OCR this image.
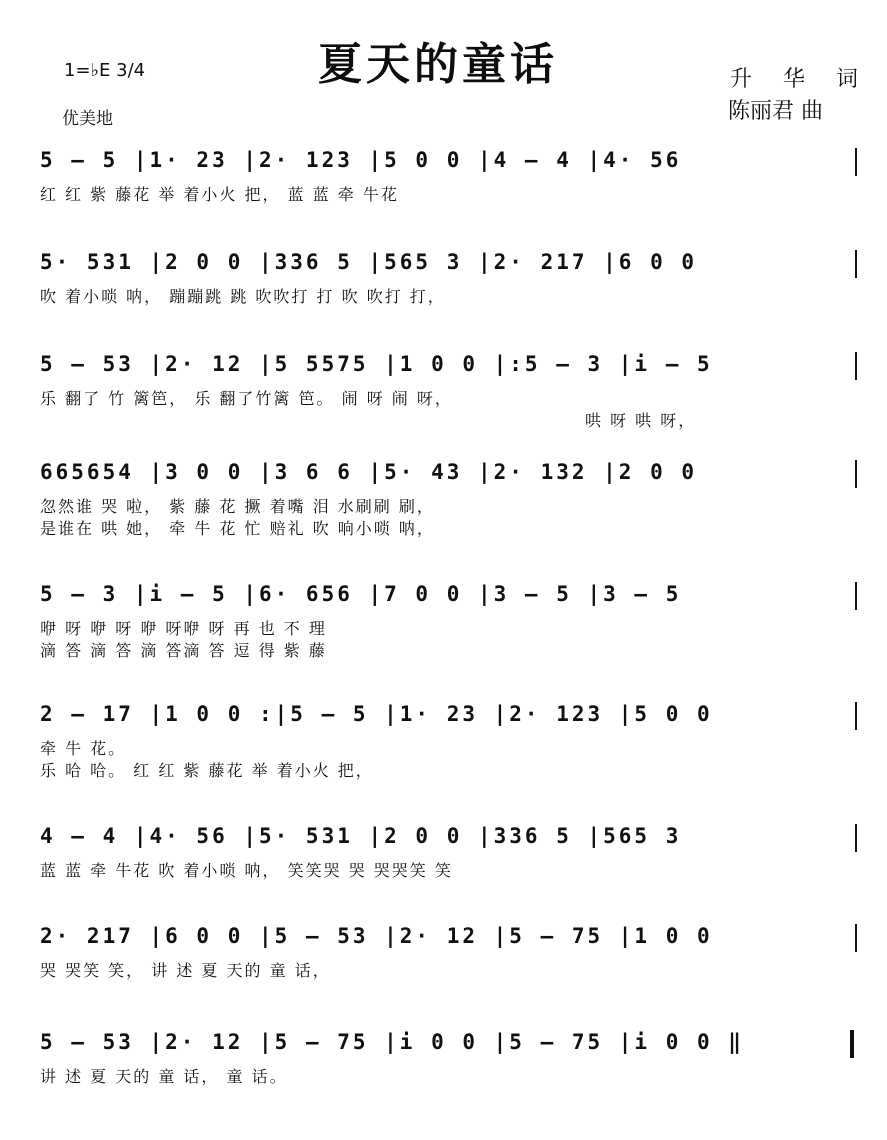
夏天的童话
1=♭E 3/4
优美地
升 华 词
陈丽君 曲
5 – 5 |1· 23 |2· 123 |5 0 0 |4 – 4 |4· 56
红 红 紫 藤花 举 着小火 把， 蓝 蓝 牵 牛花
5· 531 |2 0 0 |336 5 |565 3 |2· 217 |6 0 0
吹 着小唢 呐， 蹦蹦跳 跳 吹吹打 打 吹 吹打 打，
5 – 53 |2· 12 |5 5575 |1 0 0 |:5 – 3 |i – 5
乐 翻了 竹 篱笆， 乐 翻了竹篱 笆。 闹 呀 闹 呀，
哄 呀 哄 呀，
665654 |3 0 0 |3 6 6 |5· 43 |2· 132 |2 0 0
忽然谁 哭 啦， 紫 藤 花 撅 着嘴 泪 水刷刷 刷，
是谁在 哄 她， 牵 牛 花 忙 赔礼 吹 响小唢 呐，
5 – 3 |i – 5 |6· 656 |7 0 0 |3 – 5 |3 – 5
咿 呀 咿 呀 咿 呀咿 呀 再 也 不 理
滴 答 滴 答 滴 答滴 答 逗 得 紫 藤
2 – 17 |1 0 0 :|5 – 5 |1· 23 |2· 123 |5 0 0
牵 牛 花。
乐 哈 哈。 红 红 紫 藤花 举 着小火 把，
4 – 4 |4· 56 |5· 531 |2 0 0 |336 5 |565 3
蓝 蓝 牵 牛花 吹 着小唢 呐， 笑笑哭 哭 哭哭笑 笑
2· 217 |6 0 0 |5 – 53 |2· 12 |5 – 75 |1 0 0
哭 哭笑 笑， 讲 述 夏 天的 童 话，
5 – 53 |2· 12 |5 – 75 |i 0 0 |5 – 75 |i 0 0 ‖
讲 述 夏 天的 童 话， 童 话。
